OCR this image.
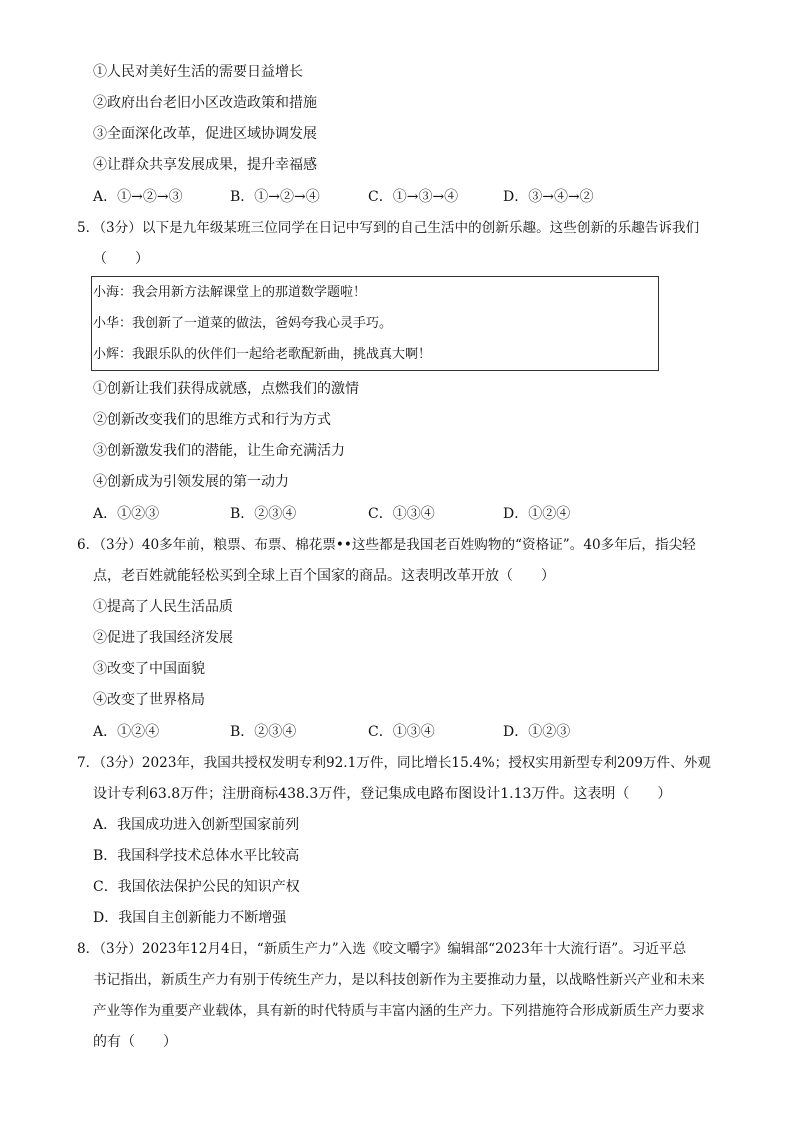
①人民对美好生活的需要日益增长
②政府出台老旧小区改造政策和措施
③全面深化改革，促进区域协调发展
④让群众共享发展成果，提升幸福感
A．①→②→③	B．①→②→④	C．①→③→④	D．③→④→②
5．（3分）以下是九年级某班三位同学在日记中写到的自己生活中的创新乐趣。这些创新的乐趣告诉我们
（　　）
小海：我会用新方法解课堂上的那道数学题啦！
小华：我创新了一道菜的做法，爸妈夸我心灵手巧。
小辉：我跟乐队的伙伴们一起给老歌配新曲，挑战真大啊！
①创新让我们获得成就感，点燃我们的激情
②创新改变我们的思维方式和行为方式
③创新激发我们的潜能，让生命充满活力
④创新成为引领发展的第一动力
A．①②③	B．②③④	C．①③④	D．①②④
6．（3分）40多年前，粮票、布票、棉花票••这些都是我国老百姓购物的“资格证”。40多年后，指尖轻
点，老百姓就能轻松买到全球上百个国家的商品。这表明改革开放（　　）
①提高了人民生活品质
②促进了我国经济发展
③改变了中国面貌
④改变了世界格局
A．①②④	B．②③④	C．①③④	D．①②③
7．（3分）2023年，我国共授权发明专利92.1万件，同比增长15.4%；授权实用新型专利209万件、外观
设计专利63.8万件；注册商标438.3万件，登记集成电路布图设计1.13万件。这表明（　　）
A．我国成功进入创新型国家前列
B．我国科学技术总体水平比较高
C．我国依法保护公民的知识产权
D．我国自主创新能力不断增强
8．（3分）2023年12月4日，“新质生产力”入选《咬文嚼字》编辑部“2023年十大流行语”。习近平总
书记指出，新质生产力有别于传统生产力，是以科技创新作为主要推动力量，以战略性新兴产业和未来
产业等作为重要产业载体，具有新的时代特质与丰富内涵的生产力。下列措施符合形成新质生产力要求
的有（　　）
